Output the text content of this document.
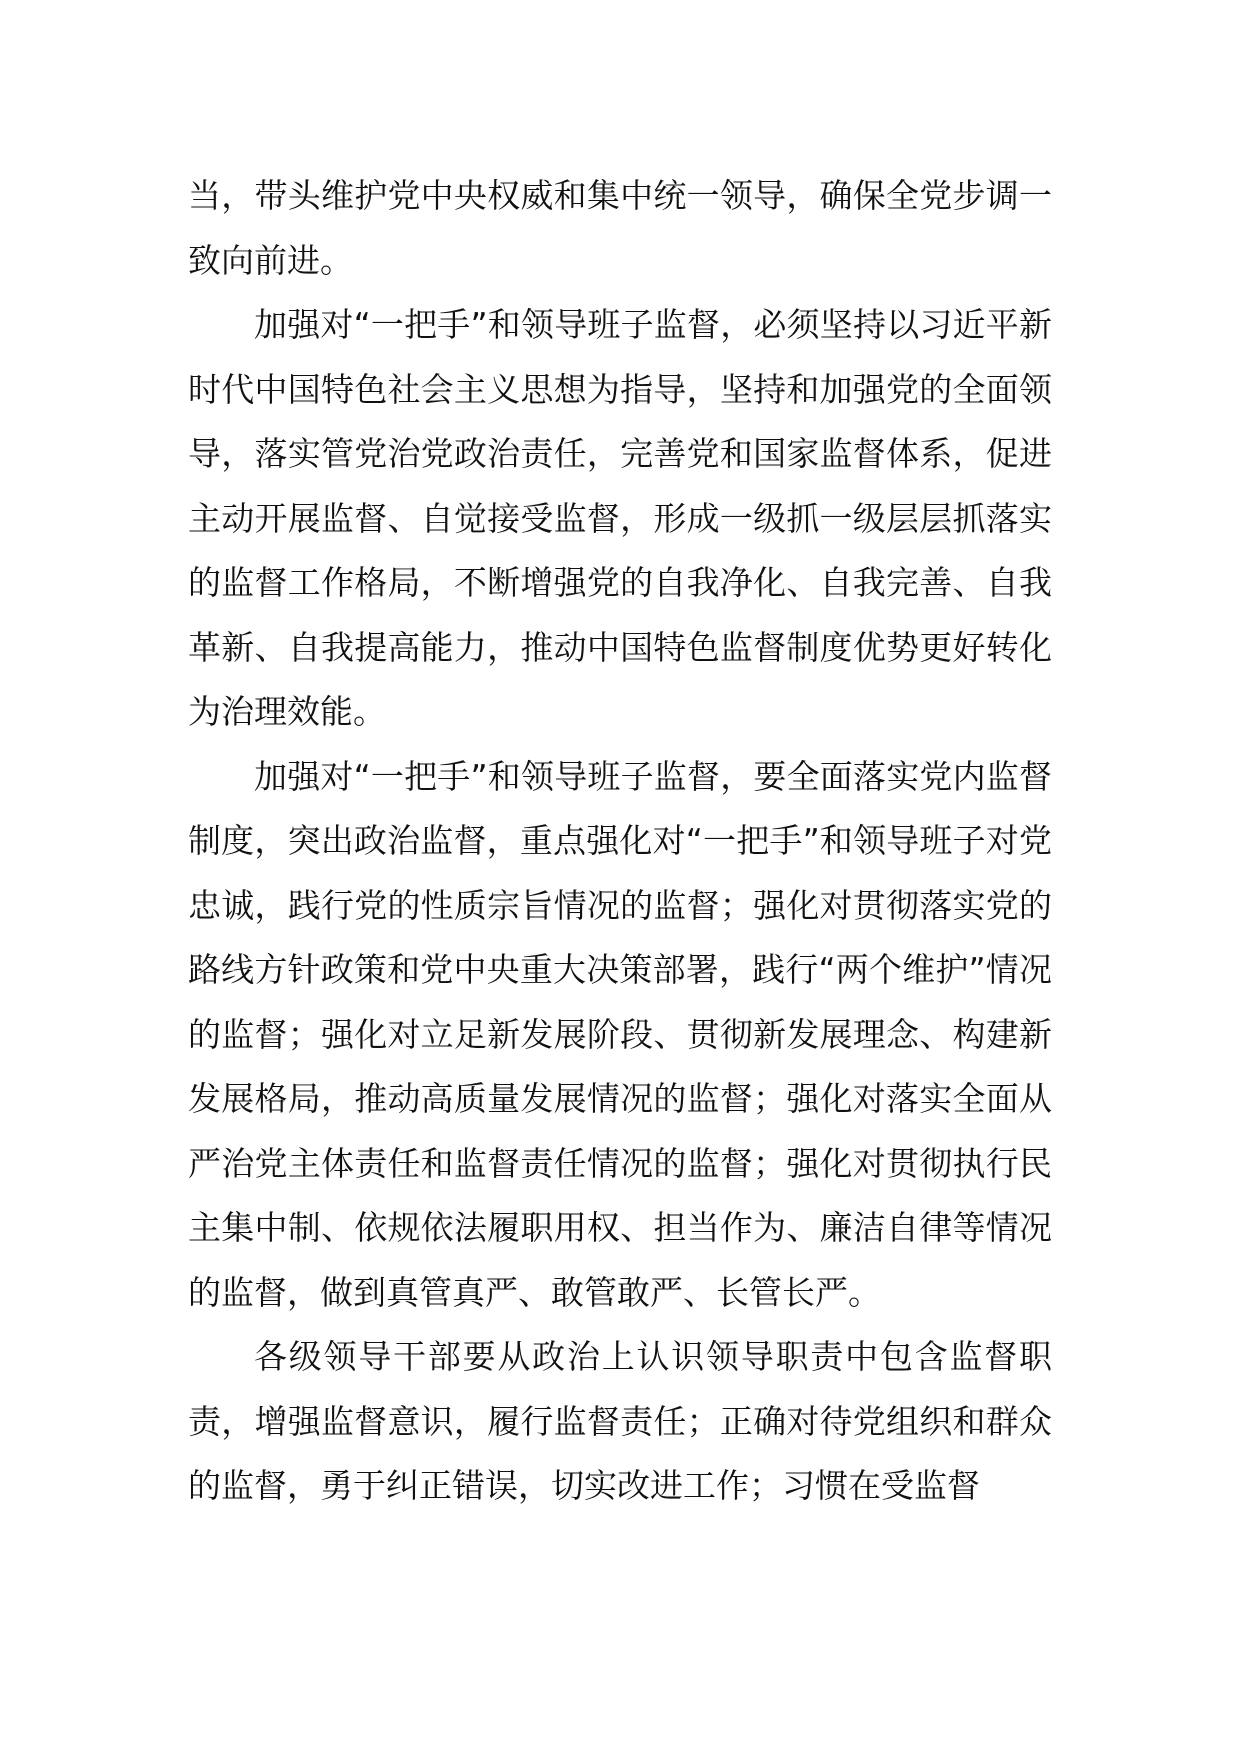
当，带头维护党中央权威和集中统一领导，确保全党步调一致向前进。

加强对“一把手”和领导班子监督，必须坚持以习近平新时代中国特色社会主义思想为指导，坚持和加强党的全面领导，落实管党治党政治责任，完善党和国家监督体系，促进主动开展监督、自觉接受监督，形成一级抓一级层层抓落实的监督工作格局，不断增强党的自我净化、自我完善、自我革新、自我提高能力，推动中国特色监督制度优势更好转化为治理效能。

加强对“一把手”和领导班子监督，要全面落实党内监督制度，突出政治监督，重点强化对“一把手”和领导班子对党忠诚，践行党的性质宗旨情况的监督；强化对贯彻落实党的路线方针政策和党中央重大决策部署，践行“两个维护”情况的监督；强化对立足新发展阶段、贯彻新发展理念、构建新发展格局，推动高质量发展情况的监督；强化对落实全面从严治党主体责任和监督责任情况的监督；强化对贯彻执行民主集中制、依规依法履职用权、担当作为、廉洁自律等情况的监督，做到真管真严、敢管敢严、长管长严。

各级领导干部要从政治上认识领导职责中包含监督职责，增强监督意识，履行监督责任；正确对待党组织和群众的监督，勇于纠正错误，切实改进工作；习惯在受监督
